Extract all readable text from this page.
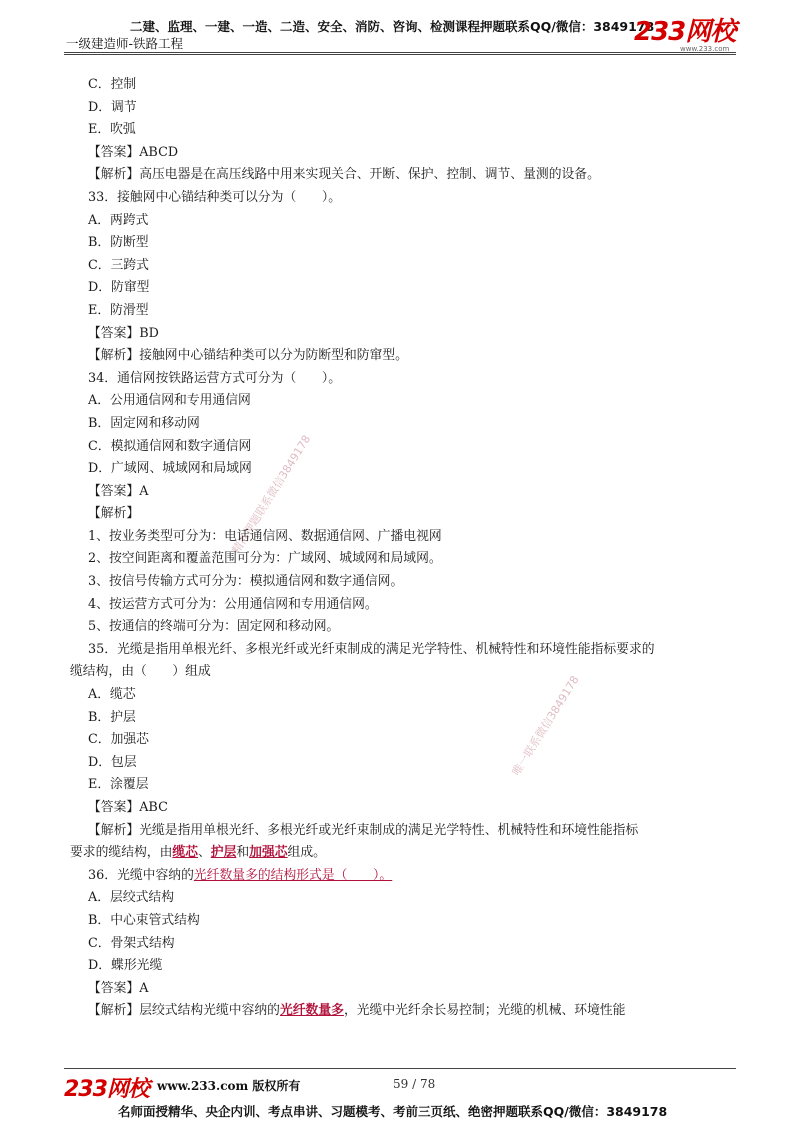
二建、监理、一建、一造、二造、安全、消防、咨询、检测课程押题联系QQ/微信：3849178
一级建造师-铁路工程	233网校
www.233.com
精准押题联系微信3849178
唯一联系微信3849178
C．控制
D．调节
E．吹弧
【答案】ABCD
【解析】高压电器是在高压线路中用来实现关合、开断、保护、控制、调节、量测的设备。
33．接触网中心锚结种类可以分为（　　）。
A．两跨式
B．防断型
C．三跨式
D．防窜型
E．防滑型
【答案】BD
【解析】接触网中心锚结种类可以分为防断型和防窜型。
34．通信网按铁路运营方式可分为（　　）。
A．公用通信网和专用通信网
B．固定网和移动网
C．模拟通信网和数字通信网
D．广域网、城域网和局域网
【答案】A
【解析】
1、按业务类型可分为：电话通信网、数据通信网、广播电视网
2、按空间距离和覆盖范围可分为：广域网、城域网和局域网。
3、按信号传输方式可分为：模拟通信网和数字通信网。
4、按运营方式可分为：公用通信网和专用通信网。
5、按通信的终端可分为：固定网和移动网。
35．光缆是指用单根光纤、多根光纤或光纤束制成的满足光学特性、机械特性和环境性能指标要求的
缆结构，由（　　）组成
A．缆芯
B．护层
C．加强芯
D．包层
E．涂覆层
【答案】ABC
【解析】光缆是指用单根光纤、多根光纤或光纤束制成的满足光学特性、机械特性和环境性能指标
要求的缆结构，由缆芯、护层和加强芯组成。
36．光缆中容纳的光纤数量多的结构形式是（　　）。
A．层绞式结构
B．中心束管式结构
C．骨架式结构
D．蝶形光缆
【答案】A
【解析】层绞式结构光缆中容纳的光纤数量多，光缆中光纤余长易控制；光缆的机械、环境性能
233网校 www.233.com 版权所有	59 / 78
名师面授精华、央企内训、考点串讲、习题模考、考前三页纸、绝密押题联系QQ/微信：3849178
